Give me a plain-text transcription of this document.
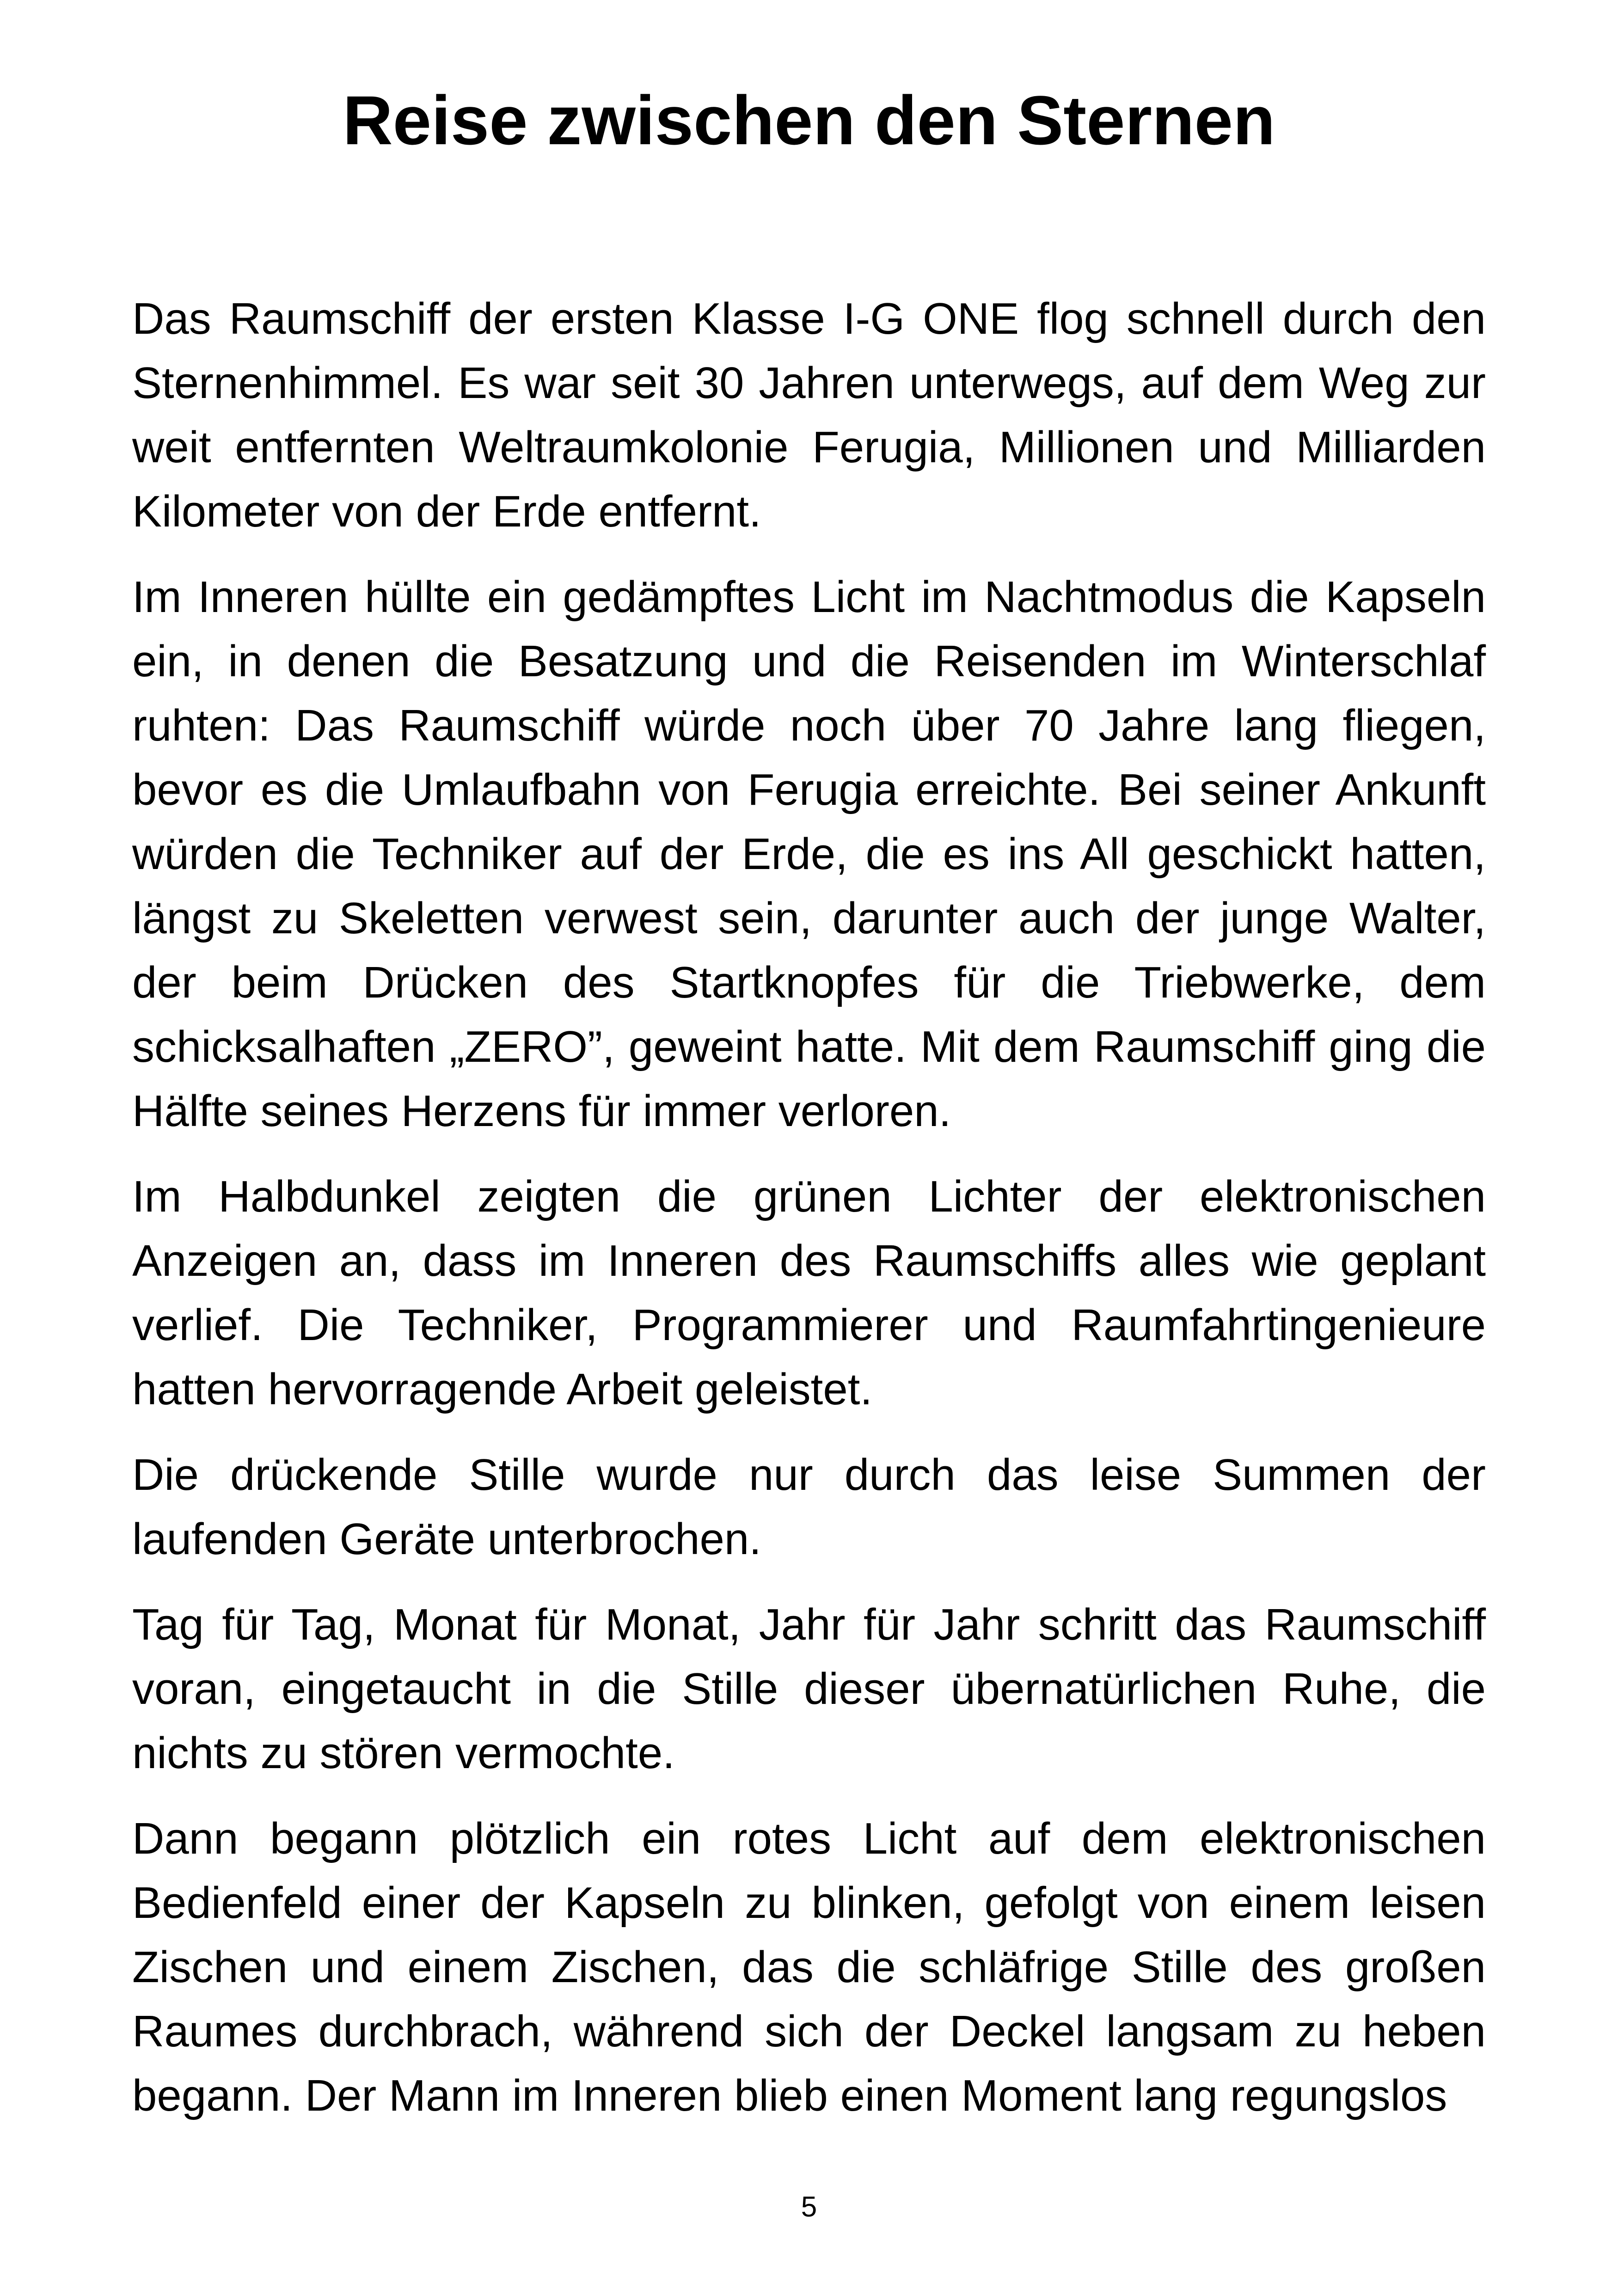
Reise zwischen den Sternen

Das Raumschiff der ersten Klasse I-G ONE flog schnell durch den Sternenhimmel. Es war seit 30 Jahren unterwegs, auf dem Weg zur weit entfernten Weltraumkolonie Ferugia, Millionen und Milliarden Kilometer von der Erde entfernt.

Im Inneren hüllte ein gedämpftes Licht im Nachtmodus die Kapseln ein, in denen die Besatzung und die Reisenden im Winterschlaf ruhten: Das Raumschiff würde noch über 70 Jahre lang fliegen, bevor es die Umlaufbahn von Ferugia erreichte. Bei seiner Ankunft würden die Techniker auf der Erde, die es ins All geschickt hatten, längst zu Skeletten verwest sein, darunter auch der junge Walter, der beim Drücken des Startknopfes für die Triebwerke, dem schicksalhaften „ZERO”, geweint hatte. Mit dem Raumschiff ging die Hälfte seines Herzens für immer verloren.

Im Halbdunkel zeigten die grünen Lichter der elektronischen Anzeigen an, dass im Inneren des Raumschiffs alles wie geplant verlief. Die Techniker, Programmierer und Raumfahrtingenieure hatten hervorragende Arbeit geleistet.

Die drückende Stille wurde nur durch das leise Summen der laufenden Geräte unterbrochen.

Tag für Tag, Monat für Monat, Jahr für Jahr schritt das Raumschiff voran, eingetaucht in die Stille dieser übernatürlichen Ruhe, die nichts zu stören vermochte.

Dann begann plötzlich ein rotes Licht auf dem elektronischen Bedienfeld einer der Kapseln zu blinken, gefolgt von einem leisen Zischen und einem Zischen, das die schläfrige Stille des großen Raumes durchbrach, während sich der Deckel langsam zu heben begann. Der Mann im Inneren blieb einen Moment lang regungslos

5
